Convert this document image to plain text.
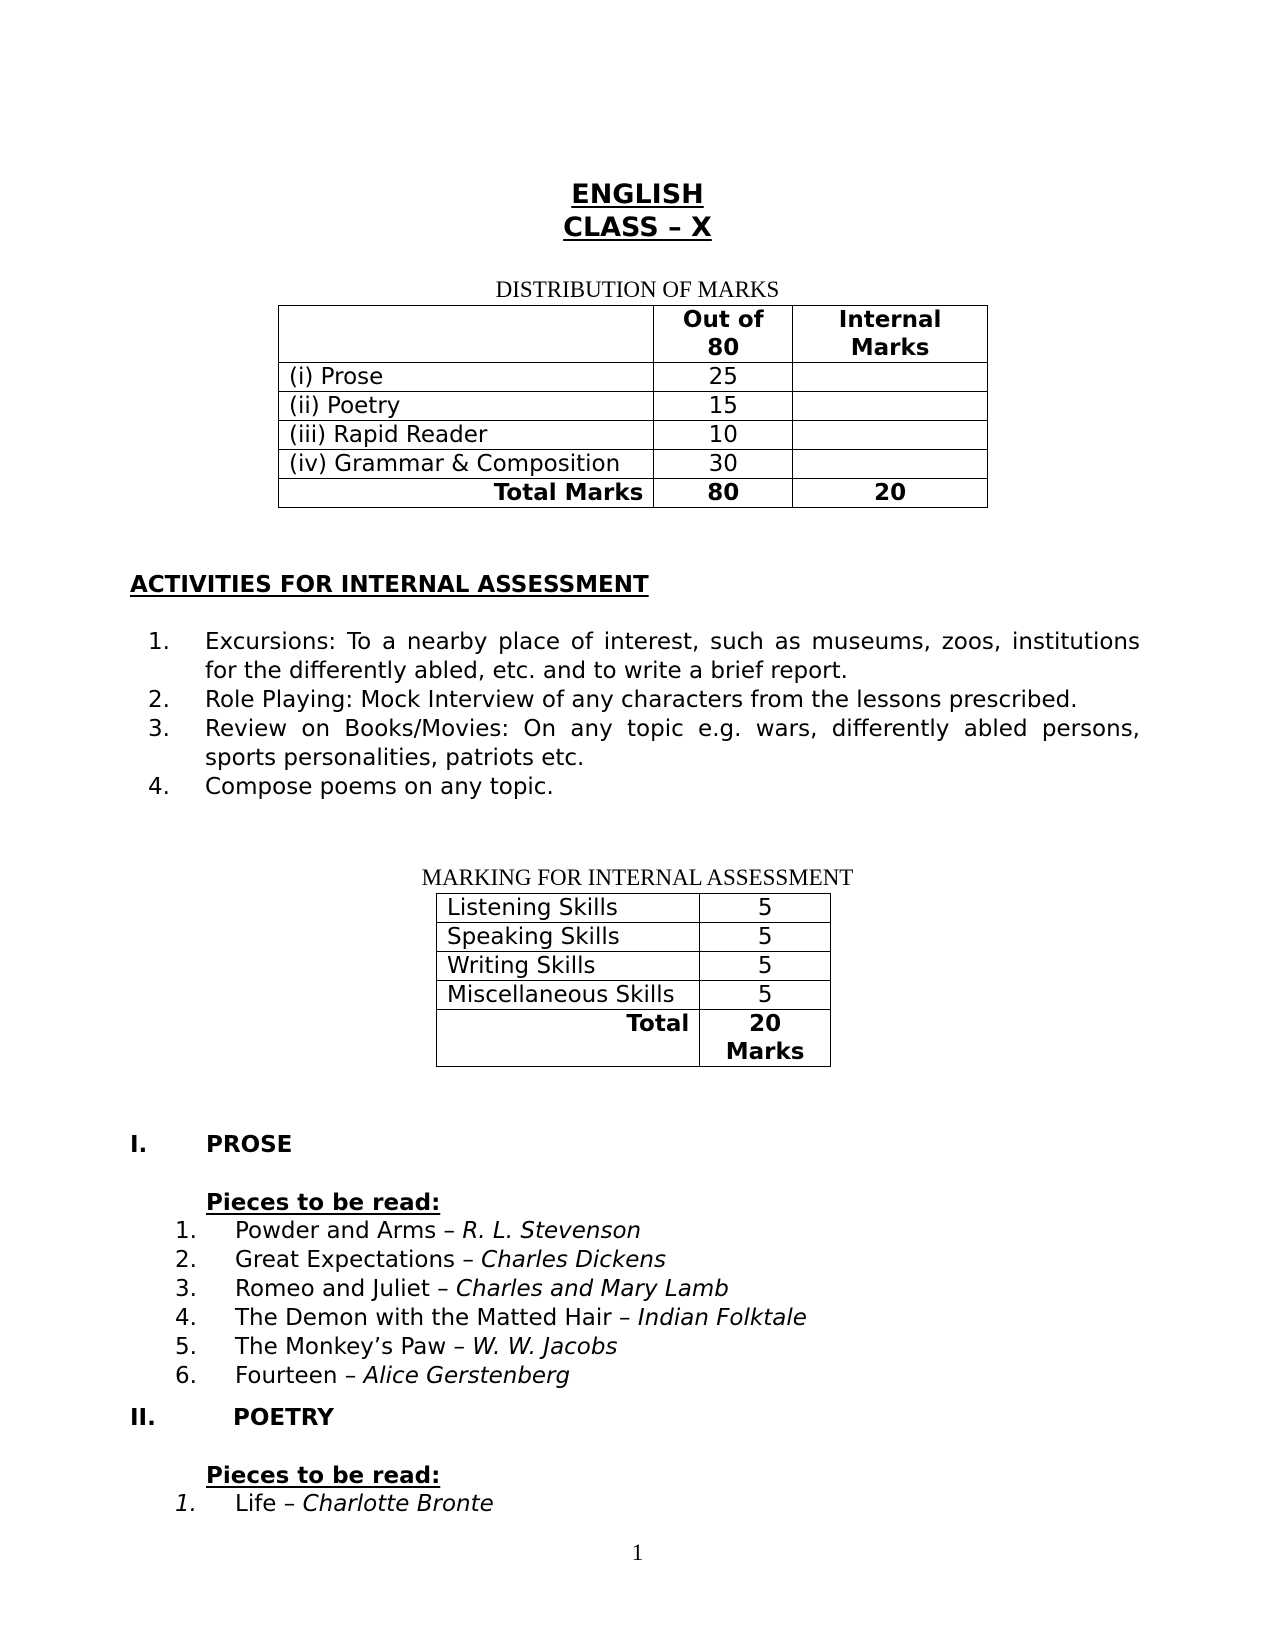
ENGLISH
CLASS – X
DISTRIBUTION OF MARKS
	Out of 80	Internal Marks
(i) Prose	25	
(ii) Poetry	15	
(iii) Rapid Reader	10	
(iv) Grammar & Composition	30	
Total Marks	80	20
ACTIVITIES FOR INTERNAL ASSESSMENT
1. Excursions: To a nearby place of interest, such as museums, zoos, institutions for the differently abled, etc. and to write a brief report.
2. Role Playing: Mock Interview of any characters from the lessons prescribed.
3. Review on Books/Movies: On any topic e.g. wars, differently abled persons, sports personalities, patriots etc.
4. Compose poems on any topic.
MARKING FOR INTERNAL ASSESSMENT
Listening Skills	5
Speaking Skills	5
Writing Skills	5
Miscellaneous Skills	5
Total	20 Marks
I.	PROSE
Pieces to be read:
1. Powder and Arms – R. L. Stevenson
2. Great Expectations – Charles Dickens
3. Romeo and Juliet – Charles and Mary Lamb
4. The Demon with the Matted Hair – Indian Folktale
5. The Monkey’s Paw – W. W. Jacobs
6. Fourteen – Alice Gerstenberg
II.	POETRY
Pieces to be read:
1. Life – Charlotte Bronte
1
